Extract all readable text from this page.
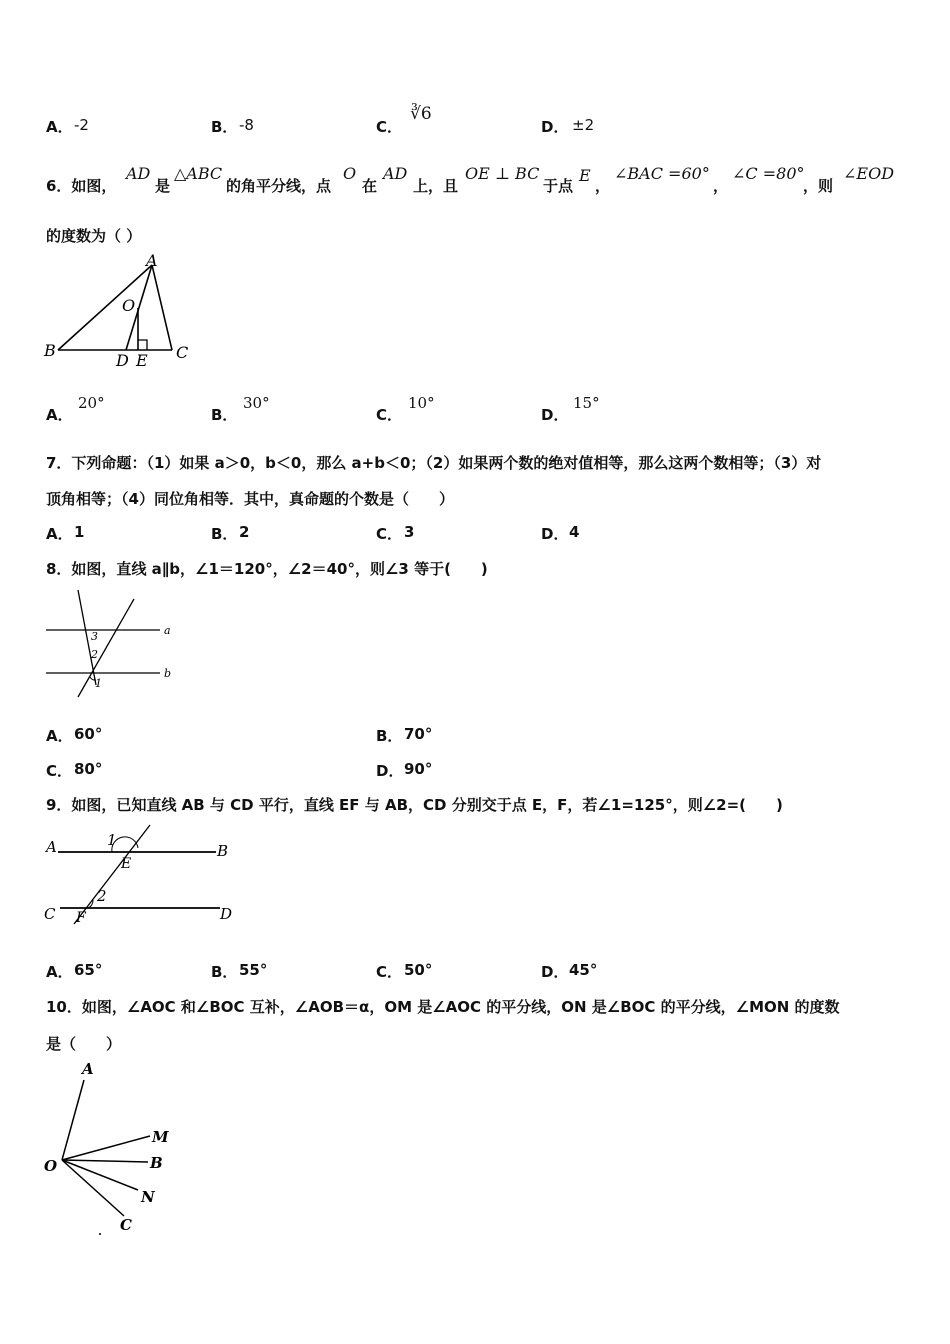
A． -2	B． -8	C．
∛6
D． ±2
6．如图，
AD
是
△ABC
的角平分线，点
O
在
AD
上，且
OE ⊥ BC
于点
E
，
∠BAC =60°
，
∠C =80°
，则
∠EOD
的度数为（ ）
A
O
B
D E C
A．
20°
B．
30°
C．
10°
D．
15°
7．下列命题：（1）如果 a＞0，b＜0，那么 a+b＜0；（2）如果两个数的绝对值相等，那么这两个数相等；（3）对
顶角相等；（4）同位角相等．其中，真命题的个数是（　　）
A． 1	B． 2	C． 3	D． 4
8．如图，直线 a∥b，∠1＝120°，∠2＝40°，则∠3 等于(　　)
a
b
3
2
1
A． 60°	B． 70°
C． 80°	D． 90°
9．如图，已知直线 AB 与 CD 平行，直线 EF 与 AB，CD 分别交于点 E，F，若∠1=125°，则∠2=(　　)
A	B
C	D
E
F
1
2
A． 65°	B． 55°	C． 50°	D． 45°
10．如图，∠AOC 和∠BOC 互补，∠AOB＝α，OM 是∠AOC 的平分线，ON 是∠BOC 的平分线，∠MON 的度数
是（　　）
A
M
B
O
N
C
